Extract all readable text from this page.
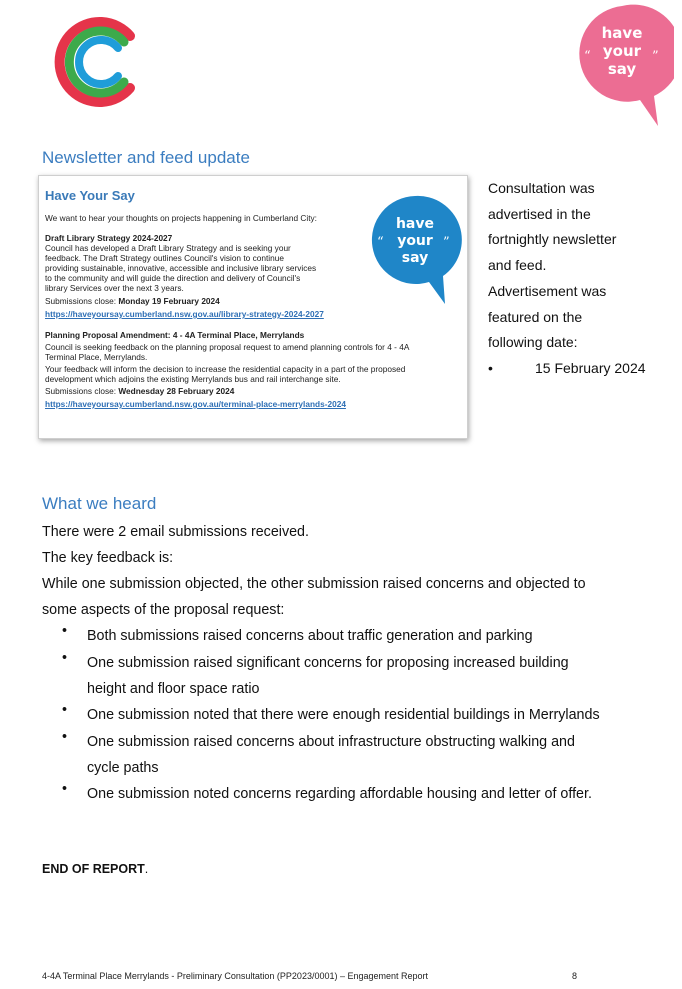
“	”
have
your
say
Newsletter and feed update
Have Your Say
We want to hear your thoughts on projects happening in Cumberland City:
Draft Library Strategy 2024-2027
Council has developed a Draft Library Strategy and is seeking your
feedback. The Draft Strategy outlines Council's vision to continue
providing sustainable, innovative, accessible and inclusive library services
to the community and will guide the direction and delivery of Council's
library Services over the next 3 years.
Submissions close: Monday 19 February 2024
https://haveyoursay.cumberland.nsw.gov.au/library-strategy-2024-2027
Planning Proposal Amendment: 4 - 4A Terminal Place, Merrylands
Council is seeking feedback on the planning proposal request to amend planning controls for 4 - 4A
Terminal Place, Merrylands.
Your feedback will inform the decision to increase the residential capacity in a part of the proposed
development which adjoins the existing Merrylands bus and rail interchange site.
Submissions close: Wednesday 28 February 2024
https://haveyoursay.cumberland.nsw.gov.au/terminal-place-merrylands-2024
“	”
have
your
say
Consultation was advertised in the fortnightly newsletter and feed. Advertisement was featured on the following date:
•	15 February 2024
What we heard
There were 2 email submissions received.
The key feedback is:
While one submission objected, the other submission raised concerns and objected to
some aspects of the proposal request:
• Both submissions raised concerns about traffic generation and parking
• One submission raised significant concerns for proposing increased building height and floor space ratio
• One submission noted that there were enough residential buildings in Merrylands
• One submission raised concerns about infrastructure obstructing walking and cycle paths
• One submission noted concerns regarding affordable housing and letter of offer.
END OF REPORT.
4-4A Terminal Place Merrylands - Preliminary Consultation (PP2023/0001) – Engagement Report	8
